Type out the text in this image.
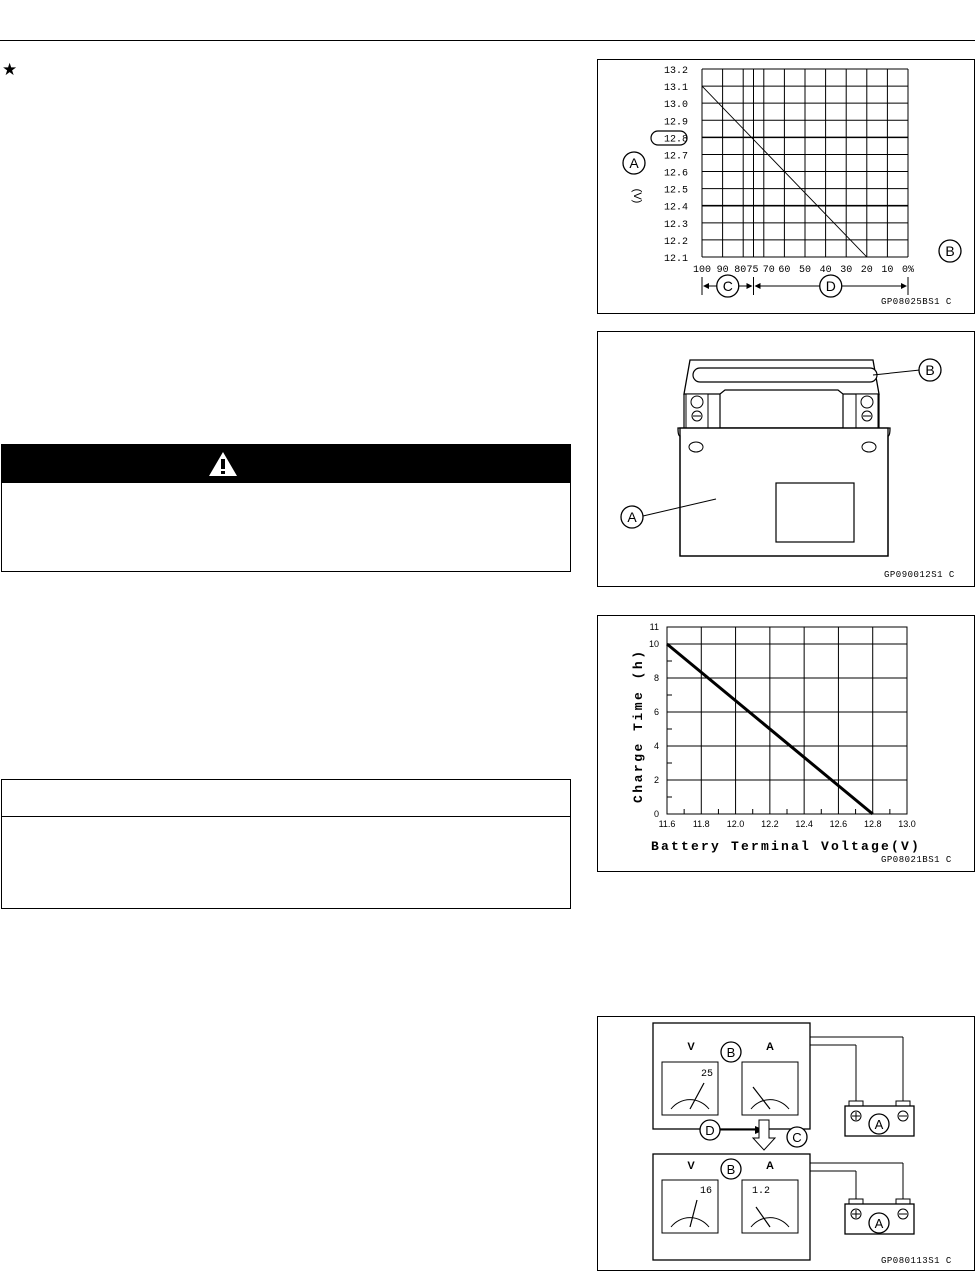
★	13.2
13.1
13.0
12.9
12.8
12.7
12.6
12.5
12.4
12.3
12.2
12.1
100 90 80 75 70 60 50 40 30 20 10 0%
A
(V)
B
C	D
GP08025BS1 C
B
A
GP090012S1 C
0
2
4
6
8
10
11
11.6 11.8 12.0 12.2 12.4 12.6 12.8 13.0
Battery Terminal Voltage(V)
Charge Time (h)
GP08021BS1 C
V	A
B
25
A
D	C
V	A
B
16	1.2
A
GP080113S1 C
